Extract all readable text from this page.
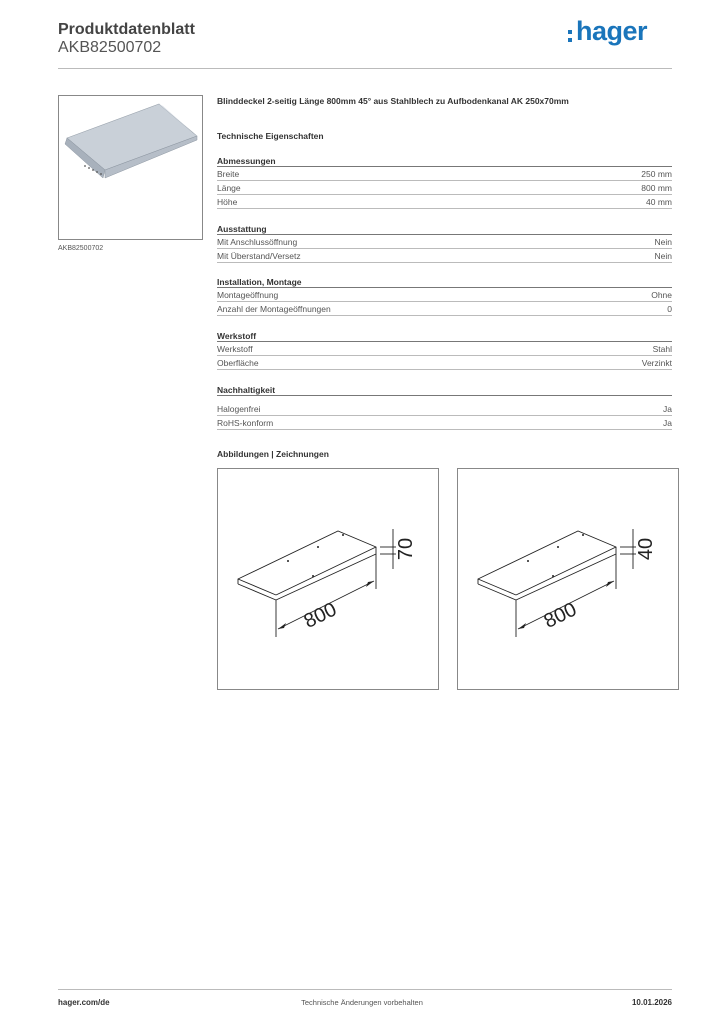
Produktdatenblatt
AKB82500702
hager
AKB82500702
Blinddeckel 2-seitig Länge 800mm 45° aus Stahlblech zu Aufbodenkanal AK 250x70mm
Technische Eigenschaften
Abmessungen
Breite	250 mm
Länge	800 mm
Höhe	40 mm
Ausstattung
Mit Anschlussöffnung	Nein
Mit Überstand/Versetz	Nein
Installation, Montage
Montageöffnung	Ohne
Anzahl der Montageöffnungen	0
Werkstoff
Werkstoff	Stahl
Oberfläche	Verzinkt
Nachhaltigkeit
Halogenfrei	Ja
RoHS-konform	Ja
Abbildungen | Zeichnungen
800
70
800
40
hager.com/de	Technische Änderungen vorbehalten	10.01.2026
